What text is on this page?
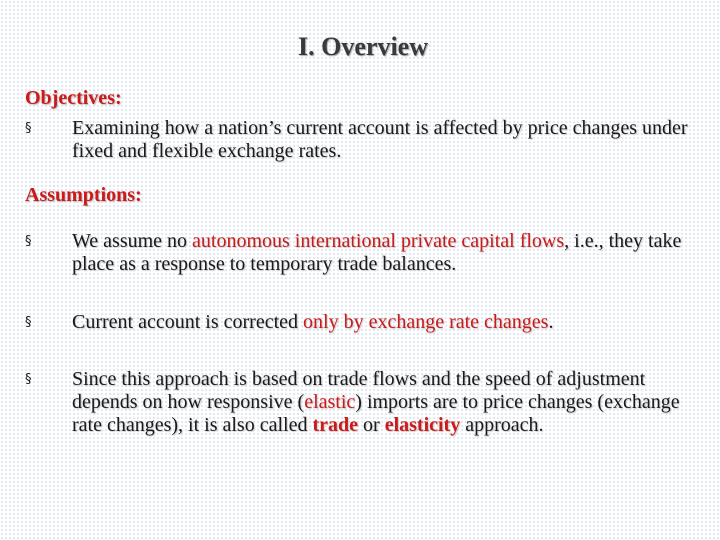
I. Overview
Objectives:
§	Examining how a nation’s current account is affected by price changes under fixed and flexible exchange rates.
Assumptions:
§	We assume no autonomous international private capital flows, i.e., they take place as a response to temporary trade balances.
§	Current account is corrected only by exchange rate changes.
§	Since this approach is based on trade flows and the speed of adjustment depends on how responsive (elastic) imports are to price changes (exchange rate changes), it is also called trade or elasticity approach.
